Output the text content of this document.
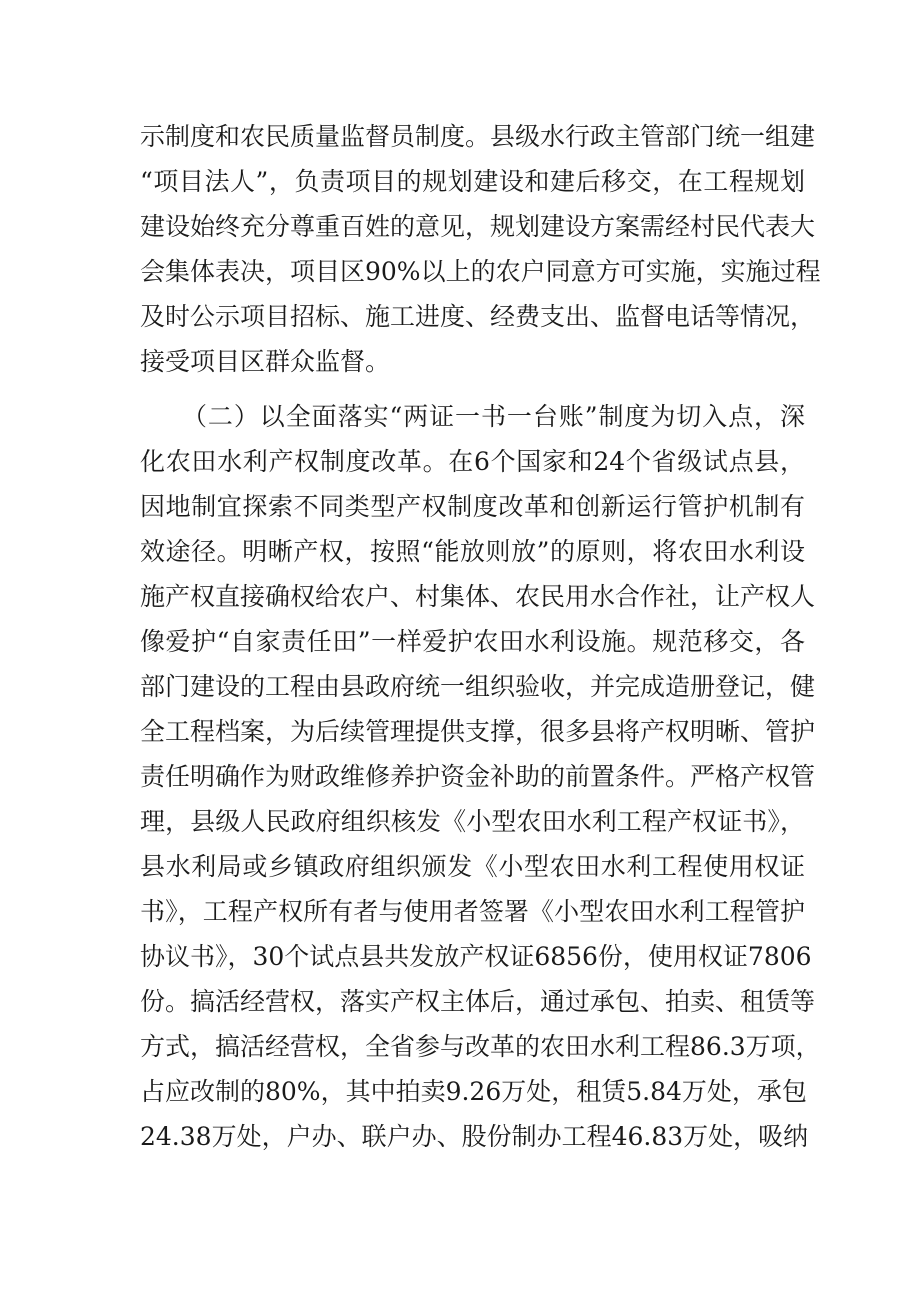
示制度和农民质量监督员制度。县级水行政主管部门统一组建
“项目法人”，负责项目的规划建设和建后移交，在工程规划
建设始终充分尊重百姓的意见，规划建设方案需经村民代表大
会集体表决，项目区90%以上的农户同意方可实施，实施过程
及时公示项目招标、施工进度、经费支出、监督电话等情况，
接受项目区群众监督。
（二）以全面落实“两证一书一台账”制度为切入点，深
化农田水利产权制度改革。在6个国家和24个省级试点县，
因地制宜探索不同类型产权制度改革和创新运行管护机制有
效途径。明晰产权，按照“能放则放”的原则，将农田水利设
施产权直接确权给农户、村集体、农民用水合作社，让产权人
像爱护“自家责任田”一样爱护农田水利设施。规范移交，各
部门建设的工程由县政府统一组织验收，并完成造册登记，健
全工程档案，为后续管理提供支撑，很多县将产权明晰、管护
责任明确作为财政维修养护资金补助的前置条件。严格产权管
理，县级人民政府组织核发《小型农田水利工程产权证书》，
县水利局或乡镇政府组织颁发《小型农田水利工程使用权证
书》，工程产权所有者与使用者签署《小型农田水利工程管护
协议书》，30个试点县共发放产权证6856份，使用权证7806
份。搞活经营权，落实产权主体后，通过承包、拍卖、租赁等
方式，搞活经营权，全省参与改革的农田水利工程86.3万项，
占应改制的80%，其中拍卖9.26万处，租赁5.84万处，承包
24.38万处，户办、联户办、股份制办工程46.83万处，吸纳
